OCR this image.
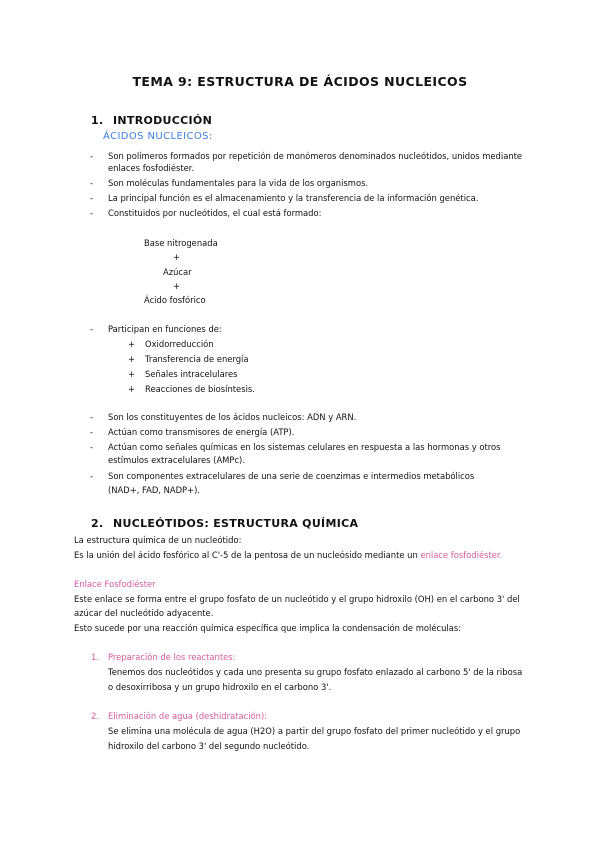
TEMA 9: ESTRUCTURA DE ÁCIDOS NUCLEICOS
1. INTRODUCCIÓN
ÁCIDOS NUCLEICOS:
- Son polímeros formados por repetición de monómeros denominados nucleótidos, unidos mediante
enlaces fosfodiéster.
- Son moléculas fundamentales para la vida de los organismos.
- La principal función es el almacenamiento y la transferencia de la información genética.
- Constituidos por nucleótidos, el cual está formado:
Base nitrogenada
+
Azúcar
+
Ácido fosfórico
- Participan en funciones de:
+ Oxidorreducción
+ Transferencia de energía
+ Señales intracelulares
+ Reacciones de biosíntesis.
- Son los constituyentes de los ácidos nucleicos: ADN y ARN.
- Actúan como transmisores de energía (ATP).
- Actúan como señales químicas en los sistemas celulares en respuesta a las hormonas y otros
estímulos extracelulares (AMPc).
- Son componentes extracelulares de una serie de coenzimas e intermedios metabólicos
(NAD+, FAD, NADP+).
2. NUCLEÓTIDOS: ESTRUCTURA QUÍMICA
La estructura química de un nucleótido:
Es la unión del ácido fosfórico al C'-5 de la pentosa de un nucleósido mediante un enlace fosfodiéster.
Enlace Fosfodiéster
Este enlace se forma entre el grupo fosfato de un nucleótido y el grupo hidroxilo (OH) en el carbono 3' del
azúcar del nucleótido adyacente.
Esto sucede por una reacción química específica que implica la condensación de moléculas:
1. Preparación de los reactantes:
Tenemos dos nucleótidos y cada uno presenta su grupo fosfato enlazado al carbono 5' de la ribosa
o desoxirribosa y un grupo hidroxilo en el carbono 3'.
2. Eliminación de agua (deshidratación):
Se elimina una molécula de agua (H2O) a partir del grupo fosfato del primer nucleótido y el grupo
hidroxilo del carbono 3' del segundo nucleótido.
